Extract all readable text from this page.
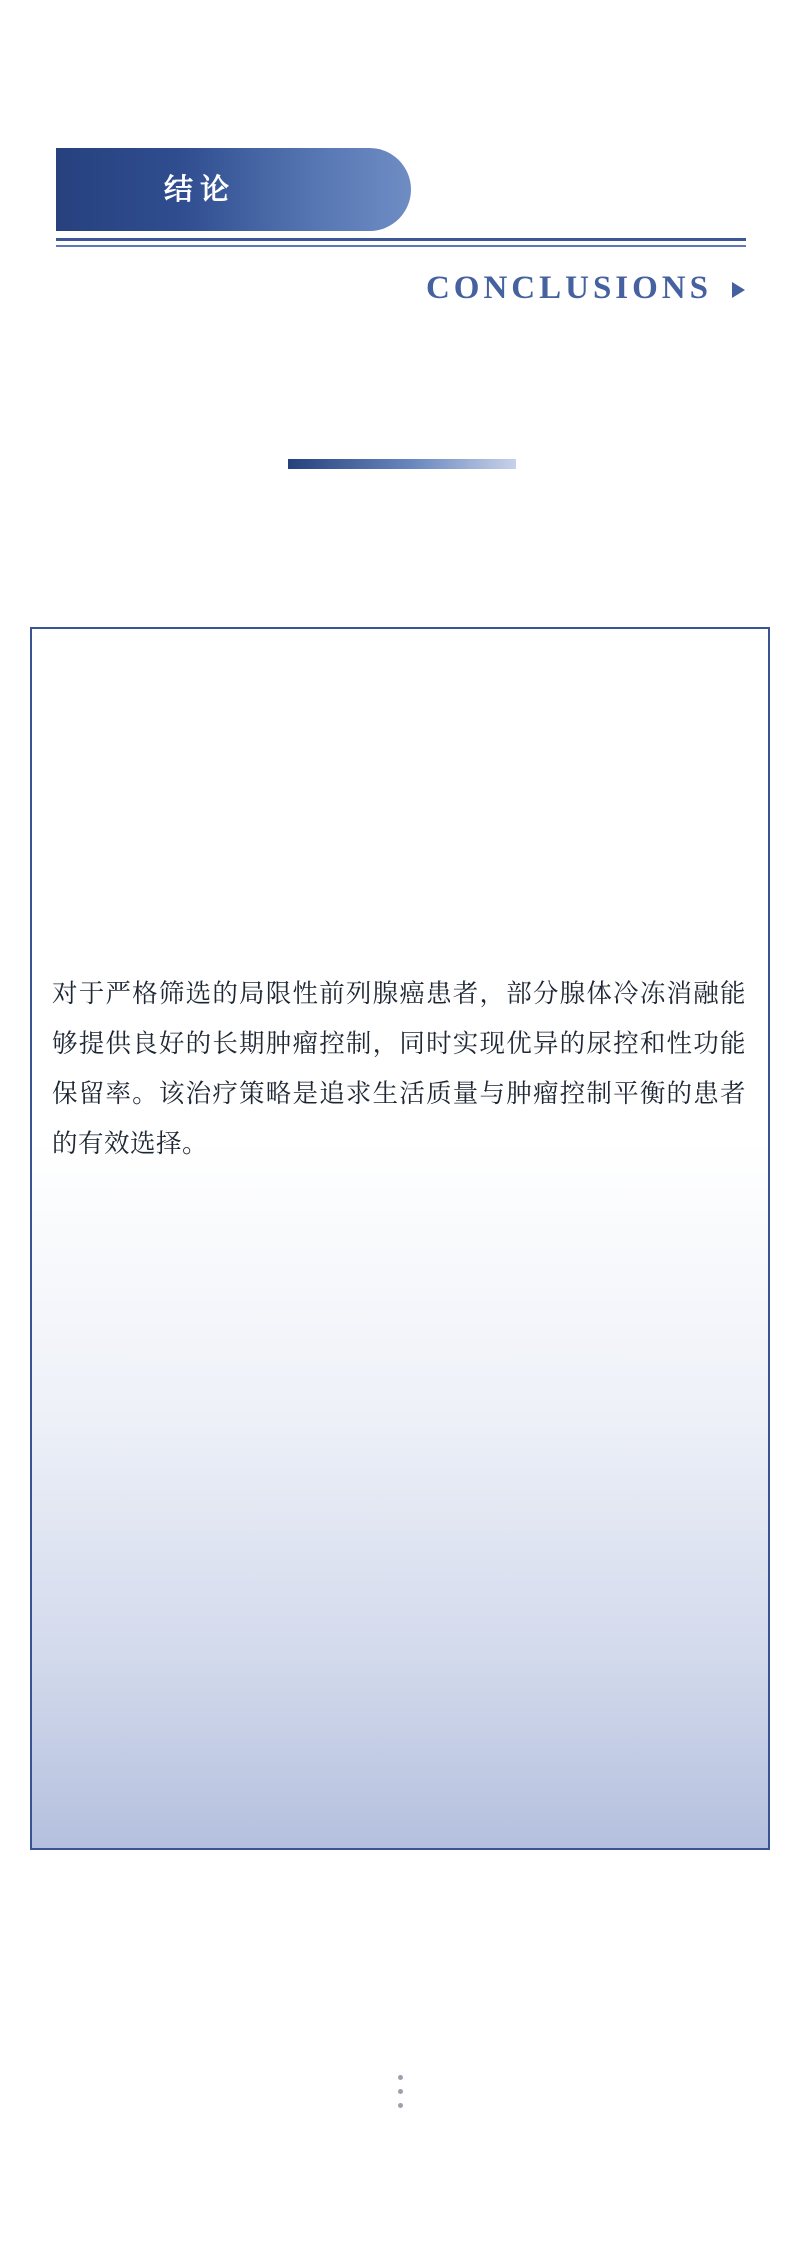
结论
CONCLUSIONS
对于严格筛选的局限性前列腺癌患者，部分腺体冷冻消融能够提供良好的长期肿瘤控制，同时实现优异的尿控和性功能保留率。该治疗策略是追求生活质量与肿瘤控制平衡的患者的有效选择。
